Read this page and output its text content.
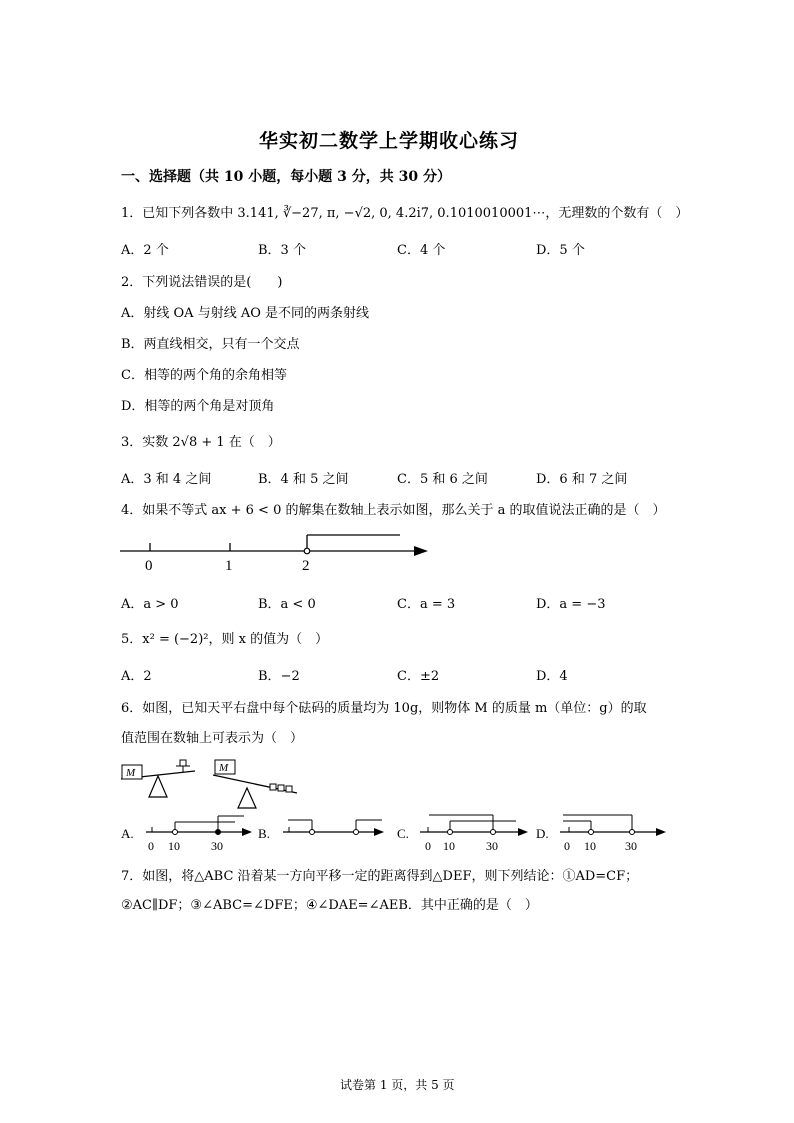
华实初二数学上学期收心练习
一、选择题（共 10 小题，每小题 3 分，共 30 分）
1．已知下列各数中 3.141, ∛−27, π, −√2, 0, 4.2i̇7̇, 0.1010010001⋯，无理数的个数有（　）
A．2 个	B．3 个	C．4 个	D．5 个
2．下列说法错误的是(　　)
A．射线 OA 与射线 AO 是不同的两条射线
B．两直线相交，只有一个交点
C．相等的两个角的余角相等
D．相等的两个角是对顶角
3．实数 2√8 + 1 在（　）
A．3 和 4 之间	B．4 和 5 之间	C．5 和 6 之间	D．6 和 7 之间
4．如果不等式 ax + 6 < 0 的解集在数轴上表示如图，那么关于 a 的取值说法正确的是（　）
0	1	2
A．a > 0	B．a < 0	C．a = 3	D．a = −3
5．x² = (−2)²，则 x 的值为（　）
A．2	B．−2	C．±2	D．4
6．如图，已知天平右盘中每个砝码的质量均为 10g，则物体 M 的质量 m（单位：g）的取
值范围在数轴上可表示为（　）
M	M
A.
0 10	30
B.	C.
0 10	30
D.
0 10 30
7．如图，将△ABC 沿着某一方向平移一定的距离得到△DEF，则下列结论：①AD=CF；
②AC∥DF；③∠ABC=∠DFE；④∠DAE=∠AEB．其中正确的是（　）
试卷第 1 页，共 5 页
